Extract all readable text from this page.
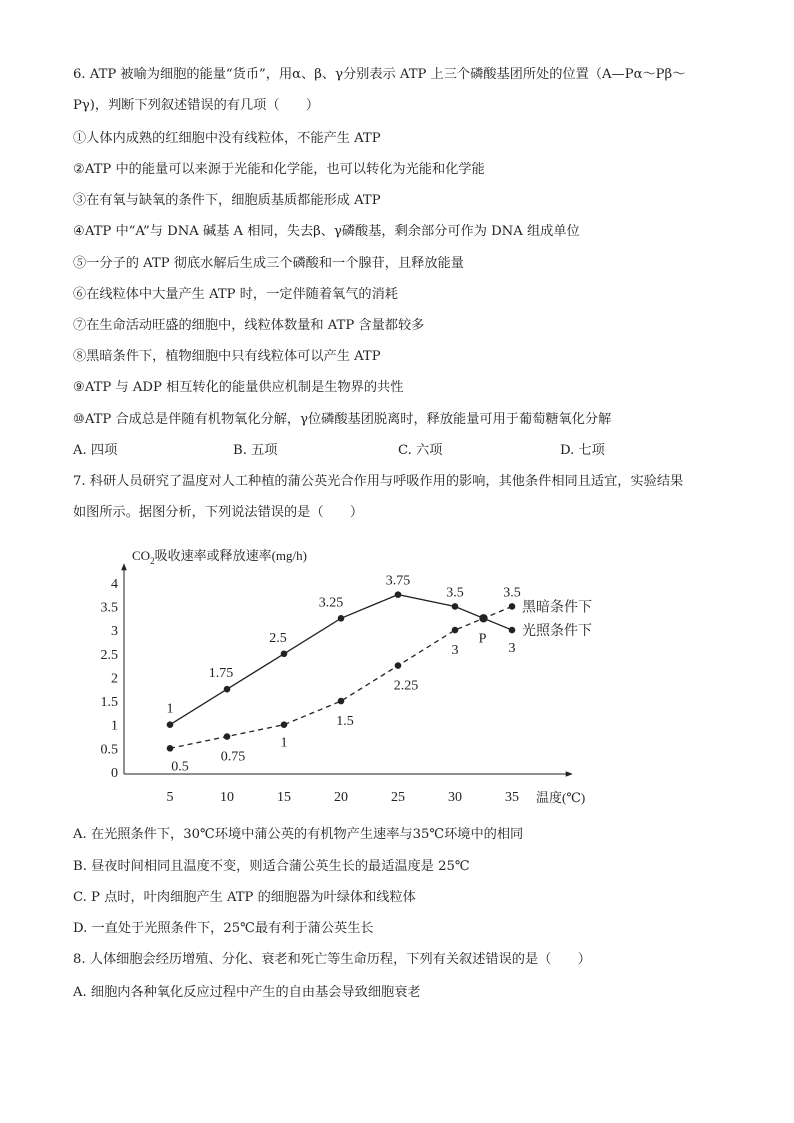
6. ATP 被喻为细胞的能量“货币”，用α、β、γ分别表示 ATP 上三个磷酸基团所处的位置（A—Pα～Pβ～
Pγ)，判断下列叙述错误的有几项（　　）
①人体内成熟的红细胞中没有线粒体，不能产生 ATP
②ATP 中的能量可以来源于光能和化学能，也可以转化为光能和化学能
③在有氧与缺氧的条件下，细胞质基质都能形成 ATP
④ATP 中“A”与 DNA 碱基 A 相同，失去β、γ磷酸基，剩余部分可作为 DNA 组成单位
⑤一分子的 ATP 彻底水解后生成三个磷酸和一个腺苷，且释放能量
⑥在线粒体中大量产生 ATP 时，一定伴随着氧气的消耗
⑦在生命活动旺盛的细胞中，线粒体数量和 ATP 含量都较多
⑧黑暗条件下，植物细胞中只有线粒体可以产生 ATP
⑨ATP 与 ADP 相互转化的能量供应机制是生物界的共性
⑩ATP 合成总是伴随有机物氧化分解，γ位磷酸基团脱离时，释放能量可用于葡萄糖氧化分解
A. 四项	B. 五项	C. 六项	D. 七项
7. 科研人员研究了温度对人工种植的蒲公英光合作用与呼吸作用的影响，其他条件相同且适宜，实验结果
如图所示。据图分析，下列说法错误的是（　　）
$CO_2$吸收速率或释放速率(mg/h)
温度(℃)
0
0.5
1
1.5
2
2.5
3
3.5
4
5	10	15	20	25	30	35
1
1.75
2.5
3.25
3.75
3.5
3
0.5
0.75
1
1.5
2.25
3
3.5
P
黑暗条件下
光照条件下
A. 在光照条件下，30℃环境中蒲公英的有机物产生速率与35℃环境中的相同
B. 昼夜时间相同且温度不变，则适合蒲公英生长的最适温度是 25℃
C. P 点时，叶肉细胞产生 ATP 的细胞器为叶绿体和线粒体
D. 一直处于光照条件下，25℃最有利于蒲公英生长
8. 人体细胞会经历增殖、分化、衰老和死亡等生命历程，下列有关叙述错误的是（　　）
A. 细胞内各种氧化反应过程中产生的自由基会导致细胞衰老
